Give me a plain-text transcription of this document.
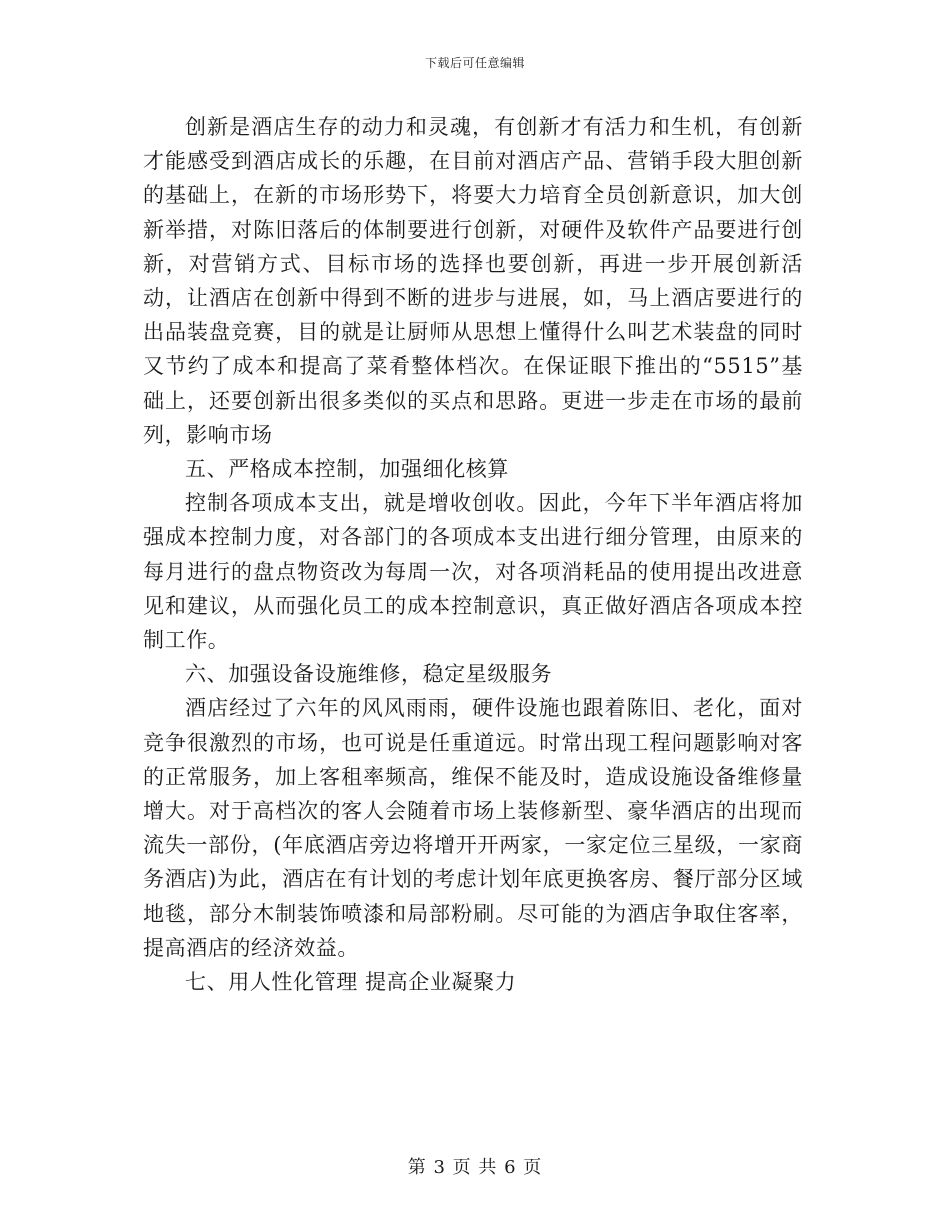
下载后可任意编辑

创新是酒店生存的动力和灵魂，有创新才有活力和生机，有创新才能感受到酒店成长的乐趣，在目前对酒店产品、营销手段大胆创新的基础上，在新的市场形势下，将要大力培育全员创新意识，加大创新举措，对陈旧落后的体制要进行创新，对硬件及软件产品要进行创新，对营销方式、目标市场的选择也要创新，再进一步开展创新活动，让酒店在创新中得到不断的进步与进展，如，马上酒店要进行的出品装盘竞赛，目的就是让厨师从思想上懂得什么叫艺术装盘的同时又节约了成本和提高了菜肴整体档次。在保证眼下推出的“5515”基础上，还要创新出很多类似的买点和思路。更进一步走在市场的最前列，影响市场

五、严格成本控制，加强细化核算

控制各项成本支出，就是增收创收。因此，今年下半年酒店将加强成本控制力度，对各部门的各项成本支出进行细分管理，由原来的每月进行的盘点物资改为每周一次，对各项消耗品的使用提出改进意见和建议，从而强化员工的成本控制意识，真正做好酒店各项成本控制工作。

六、加强设备设施维修，稳定星级服务

酒店经过了六年的风风雨雨，硬件设施也跟着陈旧、老化，面对竞争很激烈的市场，也可说是任重道远。时常出现工程问题影响对客的正常服务，加上客租率频高，维保不能及时，造成设施设备维修量增大。对于高档次的客人会随着市场上装修新型、豪华酒店的出现而流失一部份，(年底酒店旁边将增开开两家，一家定位三星级，一家商务酒店)为此，酒店在有计划的考虑计划年底更换客房、餐厅部分区域地毯，部分木制装饰喷漆和局部粉刷。尽可能的为酒店争取住客率，提高酒店的经济效益。

七、用人性化管理 提高企业凝聚力

第 3 页 共 6 页
